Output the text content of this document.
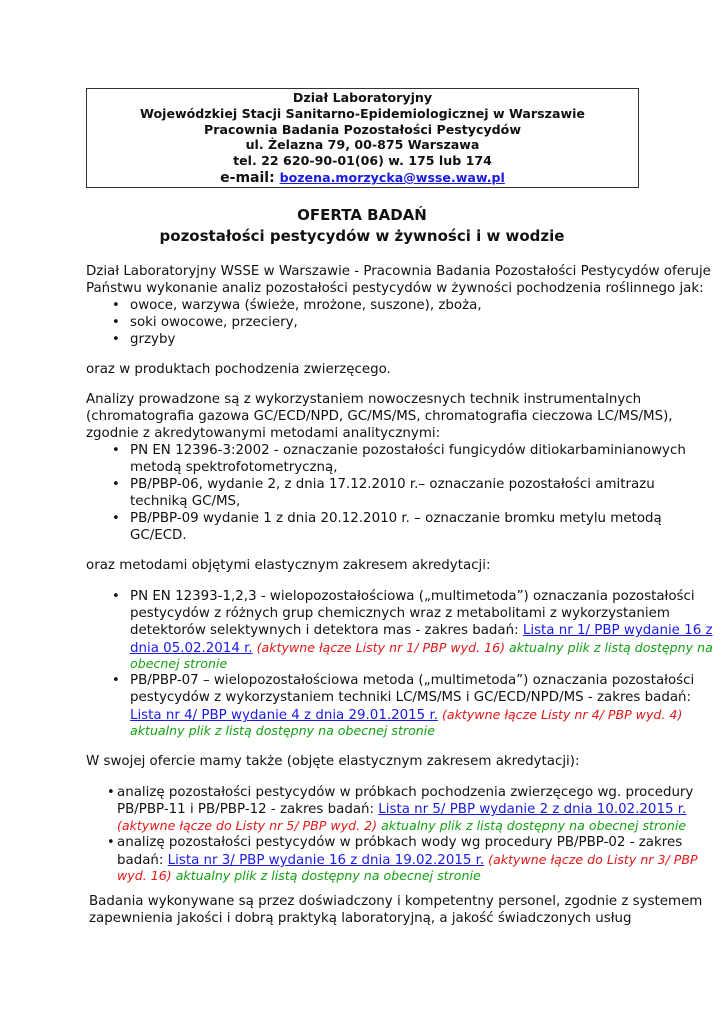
Dział Laboratoryjny
Wojewódzkiej Stacji Sanitarno-Epidemiologicznej w Warszawie
Pracownia Badania Pozostałości Pestycydów
ul. Żelazna 79, 00-875 Warszawa
tel. 22 620-90-01(06) w. 175 lub 174
e-mail: bozena.morzycka@wsse.waw.pl
OFERTA BADAŃ
pozostałości pestycydów w żywności i w wodzie
Dział Laboratoryjny WSSE w Warszawie - Pracownia Badania Pozostałości Pestycydów oferuje
Państwu wykonanie analiz pozostałości pestycydów w żywności pochodzenia roślinnego jak:
• owoce, warzywa (świeże, mrożone, suszone), zboża,
• soki owocowe, przeciery,
• grzyby
oraz w produktach pochodzenia zwierzęcego.
Analizy prowadzone są z wykorzystaniem nowoczesnych technik instrumentalnych
(chromatografia gazowa GC/ECD/NPD, GC/MS/MS, chromatografia cieczowa LC/MS/MS),
zgodnie z akredytowanymi metodami analitycznymi:
• PN EN 12396-3:2002 - oznaczanie pozostałości fungicydów ditiokarbaminianowych
metodą spektrofotometryczną,
• PB/PBP-06, wydanie 2, z dnia 17.12.2010 r.– oznaczanie pozostałości amitrazu
techniką GC/MS,
• PB/PBP-09 wydanie 1 z dnia 20.12.2010 r. – oznaczanie bromku metylu metodą
GC/ECD.
oraz metodami objętymi elastycznym zakresem akredytacji:
• PN EN 12393-1,2,3 - wielopozostałościowa („multimetoda”) oznaczania pozostałości
pestycydów z różnych grup chemicznych wraz z metabolitami z wykorzystaniem
detektorów selektywnych i detektora mas - zakres badań: Lista nr 1/ PBP wydanie 16 z
dnia 05.02.2014 r. (aktywne łącze Listy nr 1/ PBP wyd. 16) aktualny plik z listą dostępny na
obecnej stronie
• PB/PBP-07 – wielopozostałościowa metoda („multimetoda”) oznaczania pozostałości
pestycydów z wykorzystaniem techniki LC/MS/MS i GC/ECD/NPD/MS - zakres badań:
Lista nr 4/ PBP wydanie 4 z dnia 29.01.2015 r. (aktywne łącze Listy nr 4/ PBP wyd. 4)
aktualny plik z listą dostępny na obecnej stronie
W swojej ofercie mamy także (objęte elastycznym zakresem akredytacji):
• analizę pozostałości pestycydów w próbkach pochodzenia zwierzęcego wg. procedury
PB/PBP-11 i PB/PBP-12 - zakres badań: Lista nr 5/ PBP wydanie 2 z dnia 10.02.2015 r.
(aktywne łącze do Listy nr 5/ PBP wyd. 2) aktualny plik z listą dostępny na obecnej stronie
• analizę pozostałości pestycydów w próbkach wody wg procedury PB/PBP-02 - zakres
badań: Lista nr 3/ PBP wydanie 16 z dnia 19.02.2015 r. (aktywne łącze do Listy nr 3/ PBP
wyd. 16) aktualny plik z listą dostępny na obecnej stronie
Badania wykonywane są przez doświadczony i kompetentny personel, zgodnie z systemem
zapewnienia jakości i dobrą praktyką laboratoryjną, a jakość świadczonych usług
